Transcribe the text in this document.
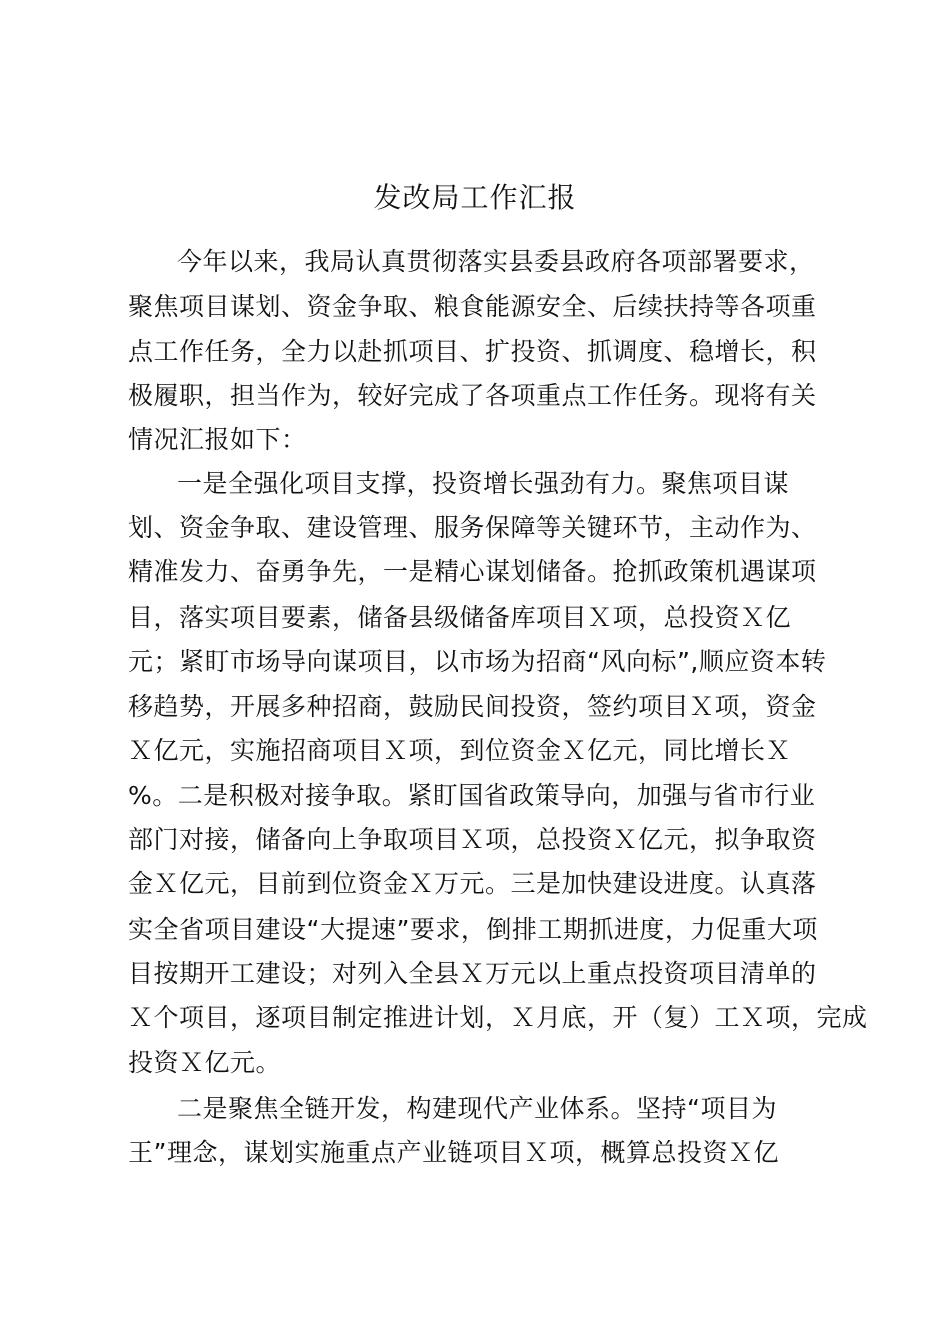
发改局工作汇报
今年以来，我局认真贯彻落实县委县政府各项部署要求，
聚焦项目谋划、资金争取、粮食能源安全、后续扶持等各项重
点工作任务，全力以赴抓项目、扩投资、抓调度、稳增长，积
极履职，担当作为，较好完成了各项重点工作任务。现将有关
情况汇报如下：
一是全强化项目支撑，投资增长强劲有力。聚焦项目谋
划、资金争取、建设管理、服务保障等关键环节，主动作为、
精准发力、奋勇争先，一是精心谋划储备。抢抓政策机遇谋项
目，落实项目要素，储备县级储备库项目Ｘ项，总投资Ｘ亿
元；紧盯市场导向谋项目，以市场为招商“风向标”,顺应资本转
移趋势，开展多种招商，鼓励民间投资，签约项目Ｘ项，资金
Ｘ亿元，实施招商项目Ｘ项，到位资金Ｘ亿元，同比增长Ｘ
%。二是积极对接争取。紧盯国省政策导向，加强与省市行业
部门对接，储备向上争取项目Ｘ项，总投资Ｘ亿元，拟争取资
金Ｘ亿元，目前到位资金Ｘ万元。三是加快建设进度。认真落
实全省项目建设“大提速”要求，倒排工期抓进度，力促重大项
目按期开工建设；对列入全县Ｘ万元以上重点投资项目清单的
Ｘ个项目，逐项目制定推进计划，Ｘ月底，开（复）工Ｘ项，完成
投资Ｘ亿元。
二是聚焦全链开发，构建现代产业体系。坚持“项目为
王”理念，谋划实施重点产业链项目Ｘ项，概算总投资Ｘ亿
